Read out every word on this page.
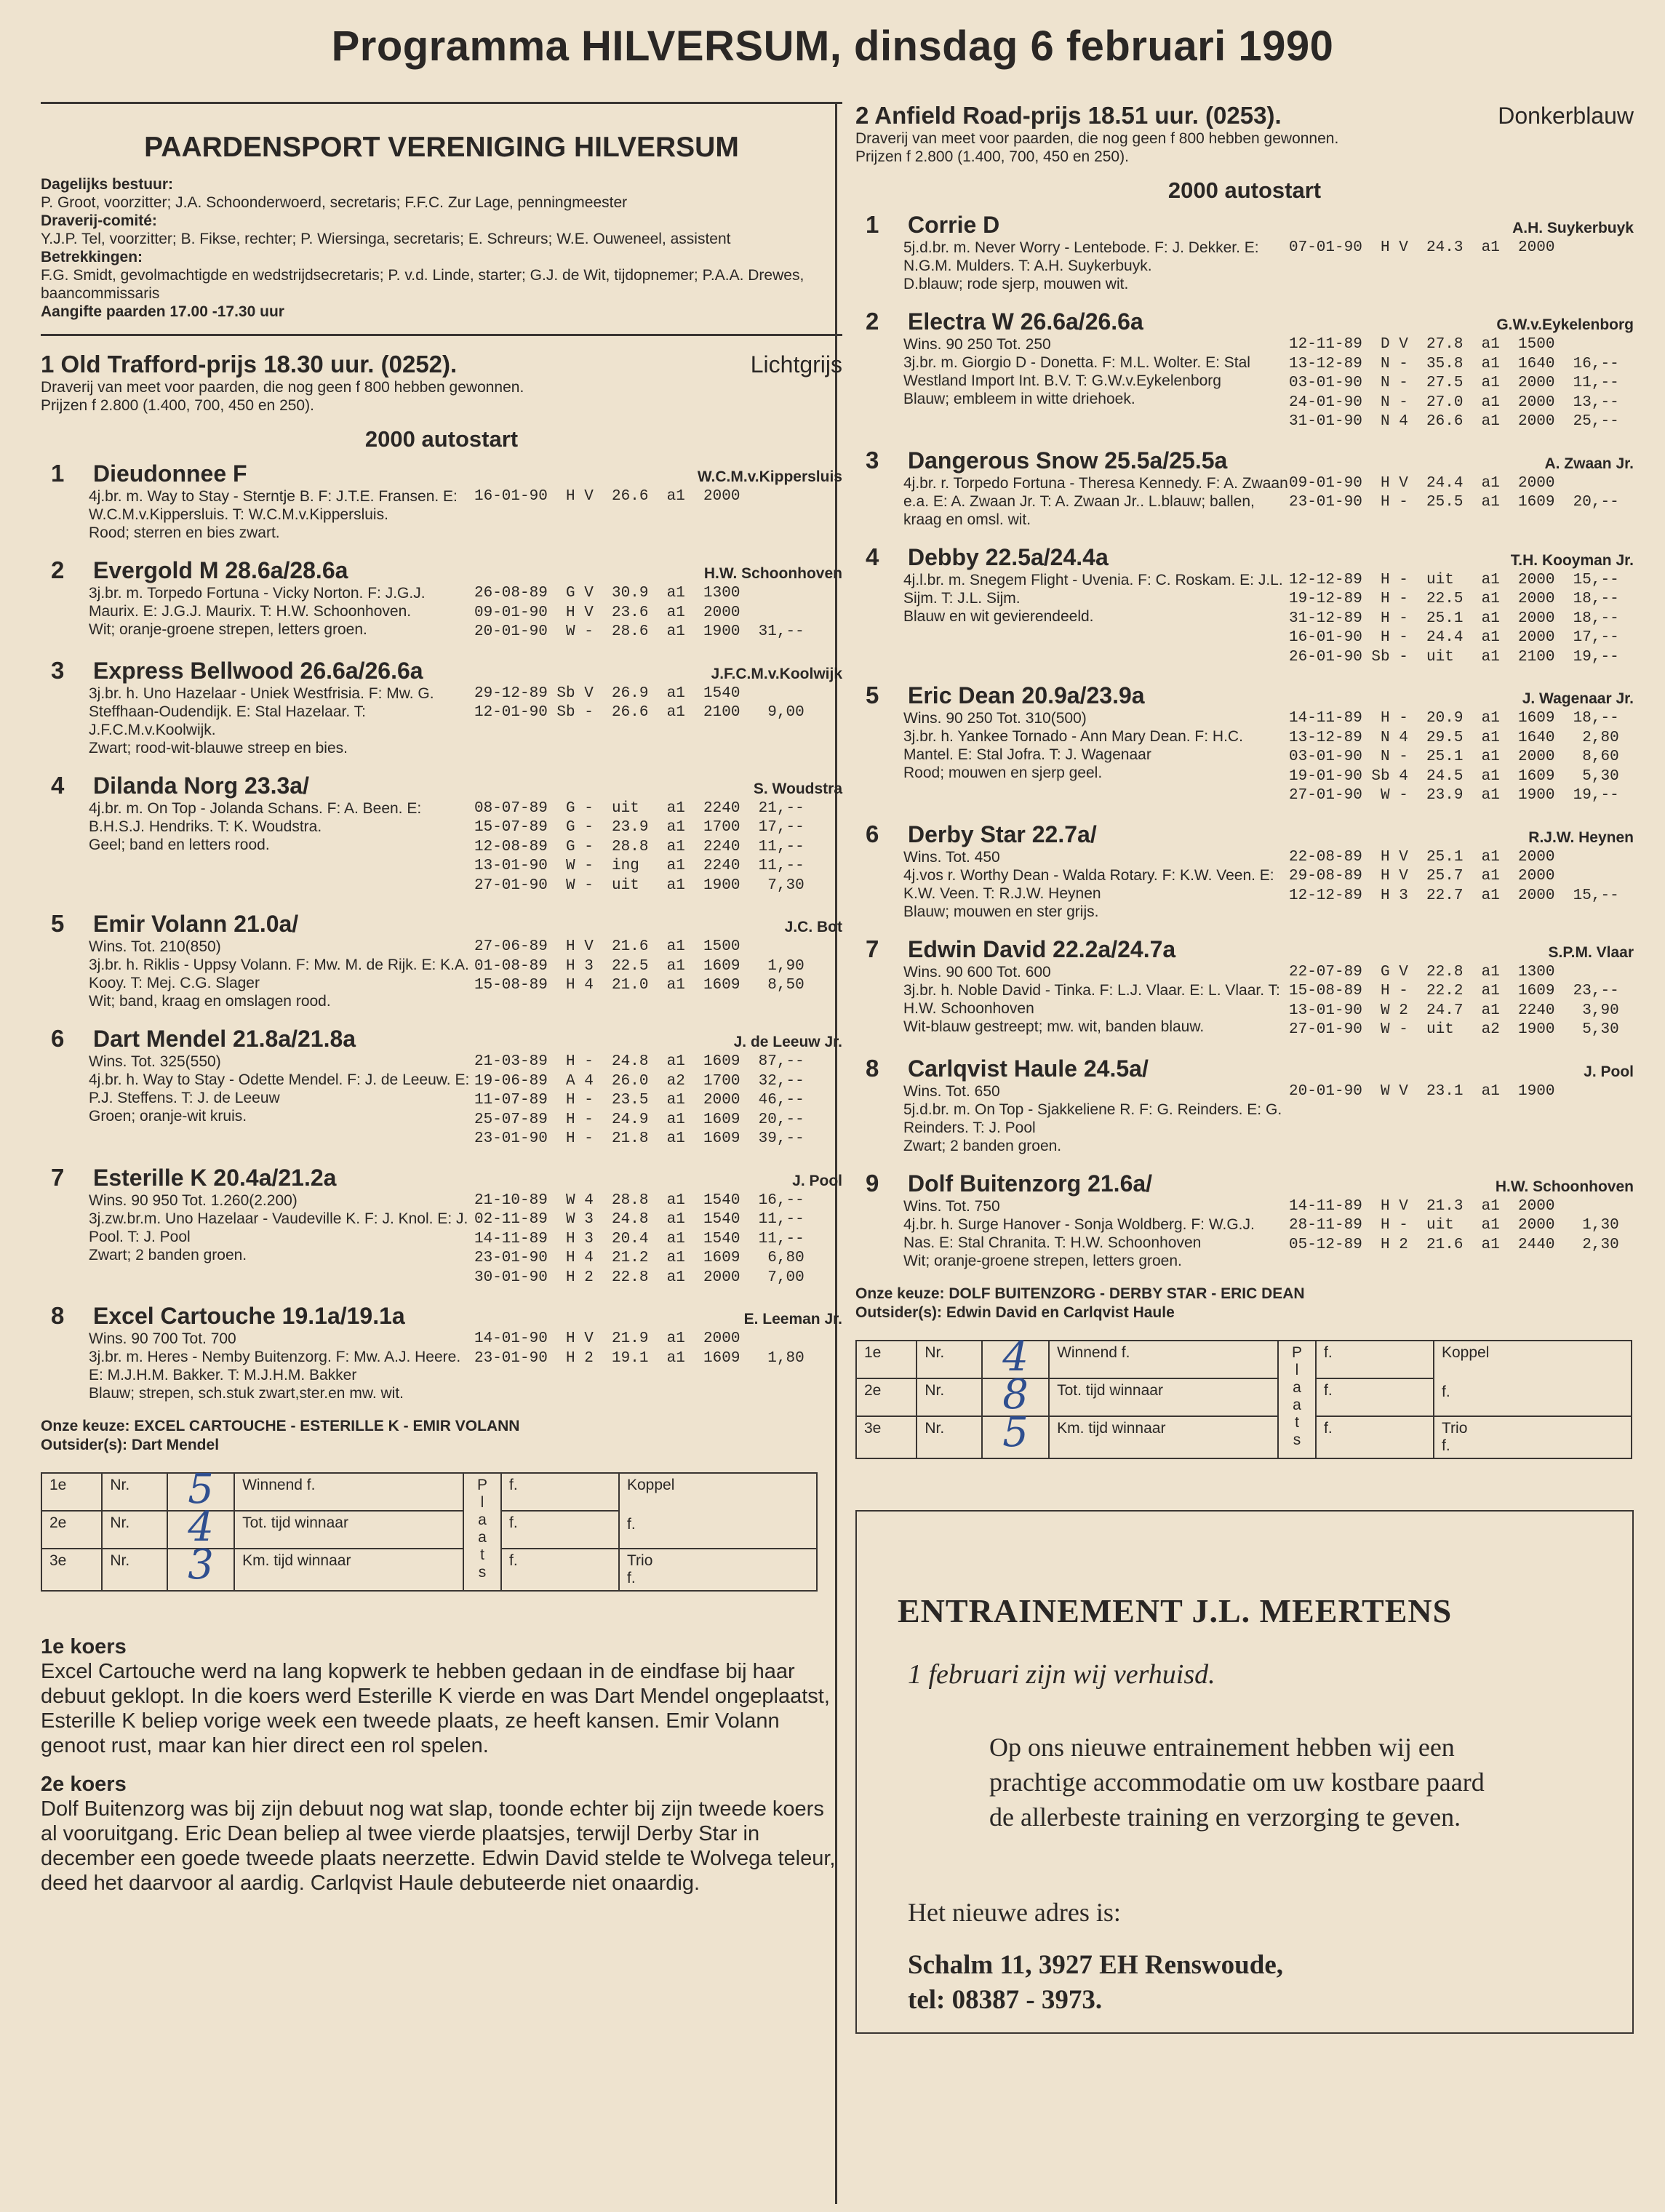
Programma HILVERSUM, dinsdag 6 februari 1990
PAARDENSPORT VERENIGING HILVERSUM
Dagelijks bestuur:
P. Groot, voorzitter; J.A. Schoonderwoerd, secretaris; F.F.C. Zur Lage, penningmeester
Draverij-comité:
Y.J.P. Tel, voorzitter; B. Fikse, rechter; P. Wiersinga, secretaris; E. Schreurs; W.E. Ouweneel, assistent
Betrekkingen:
F.G. Smidt, gevolmachtigde en wedstrijdsecretaris; P. v.d. Linde, starter; G.J. de Wit, tijdopnemer; P.A.A. Drewes, baancommissaris
Aangifte paarden 17.00 -17.30 uur
1 Old Trafford-prijs 18.30 uur. (0252).	Lichtgrijs
Draverij van meet voor paarden, die nog geen f 800 hebben gewonnen.
Prijzen f 2.800 (1.400, 700, 450 en 250).
2000 autostart
1	Dieudonnee F	W.C.M.v.Kippersluis
4j.br. m. Way to Stay - Sterntje B. F: J.T.E. Fransen. E: W.C.M.v.Kippersluis. T: W.C.M.v.Kippersluis.
Rood; sterren en bies zwart.
16-01-90  H V  26.6  a1  2000
2	Evergold M 28.6a/28.6a	H.W. Schoonhoven
3j.br. m. Torpedo Fortuna - Vicky Norton. F: J.G.J. Maurix. E: J.G.J. Maurix. T: H.W. Schoonhoven.
Wit; oranje-groene strepen, letters groen.
26-08-89  G V  30.9  a1  1300
09-01-90  H V  23.6  a1  2000
20-01-90  W -  28.6  a1  1900  31,--
3	Express Bellwood 26.6a/26.6a	J.F.C.M.v.Koolwijk
3j.br. h. Uno Hazelaar - Uniek Westfrisia. F: Mw. G. Steffhaan-Oudendijk. E: Stal Hazelaar. T: J.F.C.M.v.Koolwijk.
Zwart; rood-wit-blauwe streep en bies.
29-12-89 Sb V  26.9  a1  1540
12-01-90 Sb -  26.6  a1  2100   9,00
4	Dilanda Norg 23.3a/	S. Woudstra
4j.br. m. On Top - Jolanda Schans. F: A. Been. E: B.H.S.J. Hendriks. T: K. Woudstra.
Geel; band en letters rood.
08-07-89  G -  uit   a1  2240  21,--
15-07-89  G -  23.9  a1  1700  17,--
12-08-89  G -  28.8  a1  2240  11,--
13-01-90  W -  ing   a1  2240  11,--
27-01-90  W -  uit   a1  1900   7,30
5	Emir Volann 21.0a/	J.C. Bot
Wins. Tot. 210(850)
3j.br. h. Riklis - Uppsy Volann. F: Mw. M. de Rijk. E: K.A. Kooy. T: Mej. C.G. Slager
Wit; band, kraag en omslagen rood.
27-06-89  H V  21.6  a1  1500
01-08-89  H 3  22.5  a1  1609   1,90
15-08-89  H 4  21.0  a1  1609   8,50
6	Dart Mendel 21.8a/21.8a	J. de Leeuw Jr.
Wins. Tot. 325(550)
4j.br. h. Way to Stay - Odette Mendel. F: J. de Leeuw. E: P.J. Steffens. T: J. de Leeuw
Groen; oranje-wit kruis.
21-03-89  H -  24.8  a1  1609  87,--
19-06-89  A 4  26.0  a2  1700  32,--
11-07-89  H -  23.5  a1  2000  46,--
25-07-89  H -  24.9  a1  1609  20,--
23-01-90  H -  21.8  a1  1609  39,--
7	Esterille K 20.4a/21.2a	J. Pool
Wins. 90 950 Tot. 1.260(2.200)
3j.zw.br.m. Uno Hazelaar - Vaudeville K. F: J. Knol. E: J. Pool. T: J. Pool
Zwart; 2 banden groen.
21-10-89  W 4  28.8  a1  1540  16,--
02-11-89  W 3  24.8  a1  1540  11,--
14-11-89  H 3  20.4  a1  1540  11,--
23-01-90  H 4  21.2  a1  1609   6,80
30-01-90  H 2  22.8  a1  2000   7,00
8	Excel Cartouche 19.1a/19.1a	E. Leeman Jr.
Wins. 90 700 Tot. 700
3j.br. m. Heres - Nemby Buitenzorg. F: Mw. A.J. Heere. E: M.J.H.M. Bakker. T: M.J.H.M. Bakker
Blauw; strepen, sch.stuk zwart,ster.en mw. wit.
14-01-90  H V  21.9  a1  2000
23-01-90  H 2  19.1  a1  1609   1,80
Onze keuze: EXCEL CARTOUCHE - ESTERILLE K - EMIR VOLANN
Outsider(s): Dart Mendel
1e	Nr.	5	Winnend f.	P l a a t s	f.	Koppel
f.

2e	Nr.	4	Tot. tijd winnaar		f.	
3e	Nr.	3	Km. tijd winnaar		f.	Trio
f.
1e koers
Excel Cartouche werd na lang kopwerk te hebben gedaan in de eindfase bij haar debuut geklopt. In die koers werd Esterille K vierde en was Dart Mendel ongeplaatst, Esterille K beliep vorige week een tweede plaats, ze heeft kansen. Emir Volann genoot rust, maar kan hier direct een rol spelen.
2e koers
Dolf Buitenzorg was bij zijn debuut nog wat slap, toonde echter bij zijn tweede koers al vooruitgang. Eric Dean beliep al twee vierde plaatsjes, terwijl Derby Star in december een goede tweede plaats neerzette. Edwin David stelde te Wolvega teleur, deed het daarvoor al aardig. Carlqvist Haule debuteerde niet onaardig.
2 Anfield Road-prijs 18.51 uur. (0253).	Donkerblauw
Draverij van meet voor paarden, die nog geen f 800 hebben gewonnen.
Prijzen f 2.800 (1.400, 700, 450 en 250).
2000 autostart
1	Corrie D	A.H. Suykerbuyk
5j.d.br. m. Never Worry - Lentebode. F: J. Dekker. E: N.G.M. Mulders. T: A.H. Suykerbuyk.
D.blauw; rode sjerp, mouwen wit.
07-01-90  H V  24.3  a1  2000
2	Electra W 26.6a/26.6a	G.W.v.Eykelenborg
Wins. 90 250 Tot. 250
3j.br. m. Giorgio D - Donetta. F: M.L. Wolter. E: Stal Westland Import Int. B.V. T: G.W.v.Eykelenborg
Blauw; embleem in witte driehoek.
12-11-89  D V  27.8  a1  1500
13-12-89  N -  35.8  a1  1640  16,--
03-01-90  N -  27.5  a1  2000  11,--
24-01-90  N -  27.0  a1  2000  13,--
31-01-90  N 4  26.6  a1  2000  25,--
3	Dangerous Snow 25.5a/25.5a	A. Zwaan Jr.
4j.br. r. Torpedo Fortuna - Theresa Kennedy. F: A. Zwaan e.a. E: A. Zwaan Jr. T: A. Zwaan Jr.. L.blauw; ballen, kraag en omsl. wit.
09-01-90  H V  24.4  a1  2000
23-01-90  H -  25.5  a1  1609  20,--
4	Debby 22.5a/24.4a	T.H. Kooyman Jr.
4j.l.br. m. Snegem Flight - Uvenia. F: C. Roskam. E: J.L. Sijm. T: J.L. Sijm.
Blauw en wit gevierendeeld.
12-12-89  H -  uit   a1  2000  15,--
19-12-89  H -  22.5  a1  2000  18,--
31-12-89  H -  25.1  a1  2000  18,--
16-01-90  H -  24.4  a1  2000  17,--
26-01-90 Sb -  uit   a1  2100  19,--
5	Eric Dean 20.9a/23.9a	J. Wagenaar Jr.
Wins. 90 250 Tot. 310(500)
3j.br. h. Yankee Tornado - Ann Mary Dean. F: H.C. Mantel. E: Stal Jofra. T: J. Wagenaar
Rood; mouwen en sjerp geel.
14-11-89  H -  20.9  a1  1609  18,--
13-12-89  N 4  29.5  a1  1640   2,80
03-01-90  N -  25.1  a1  2000   8,60
19-01-90 Sb 4  24.5  a1  1609   5,30
27-01-90  W -  23.9  a1  1900  19,--
6	Derby Star 22.7a/	R.J.W. Heynen
Wins. Tot. 450
4j.vos r. Worthy Dean - Walda Rotary. F: K.W. Veen. E: K.W. Veen. T: R.J.W. Heynen
Blauw; mouwen en ster grijs.
22-08-89  H V  25.1  a1  2000
29-08-89  H V  25.7  a1  2000
12-12-89  H 3  22.7  a1  2000  15,--
7	Edwin David 22.2a/24.7a	S.P.M. Vlaar
Wins. 90 600 Tot. 600
3j.br. h. Noble David - Tinka. F: L.J. Vlaar. E: L. Vlaar. T: H.W. Schoonhoven
Wit-blauw gestreept; mw. wit, banden blauw.
22-07-89  G V  22.8  a1  1300
15-08-89  H -  22.2  a1  1609  23,--
13-01-90  W 2  24.7  a1  2240   3,90
27-01-90  W -  uit   a2  1900   5,30
8	Carlqvist Haule 24.5a/	J. Pool
Wins. Tot. 650
5j.d.br. m. On Top - Sjakkeliene R. F: G. Reinders. E: G. Reinders. T: J. Pool
Zwart; 2 banden groen.
20-01-90  W V  23.1  a1  1900
9	Dolf Buitenzorg 21.6a/	H.W. Schoonhoven
Wins. Tot. 750
4j.br. h. Surge Hanover - Sonja Woldberg. F: W.G.J. Nas. E: Stal Chranita. T: H.W. Schoonhoven
Wit; oranje-groene strepen, letters groen.
14-11-89  H V  21.3  a1  2000
28-11-89  H -  uit   a1  2000   1,30
05-12-89  H 2  21.6  a1  2440   2,30
Onze keuze: DOLF BUITENZORG - DERBY STAR - ERIC DEAN
Outsider(s): Edwin David en Carlqvist Haule
1e	Nr.	4	Winnend f.	P l a a t s	f.	Koppel
f.

2e	Nr.	8	Tot. tijd winnaar		f.	
3e	Nr.	5	Km. tijd winnaar		f.	Trio
f.
ENTRAINEMENT J.L. MEERTENS
1 februari zijn wij verhuisd.
Op ons nieuwe entrainement hebben wij een prachtige accommodatie om uw kostbare paard de allerbeste training en verzorging te geven.
Het nieuwe adres is:
Schalm 11, 3927 EH Renswoude,
tel: 08387 - 3973.
